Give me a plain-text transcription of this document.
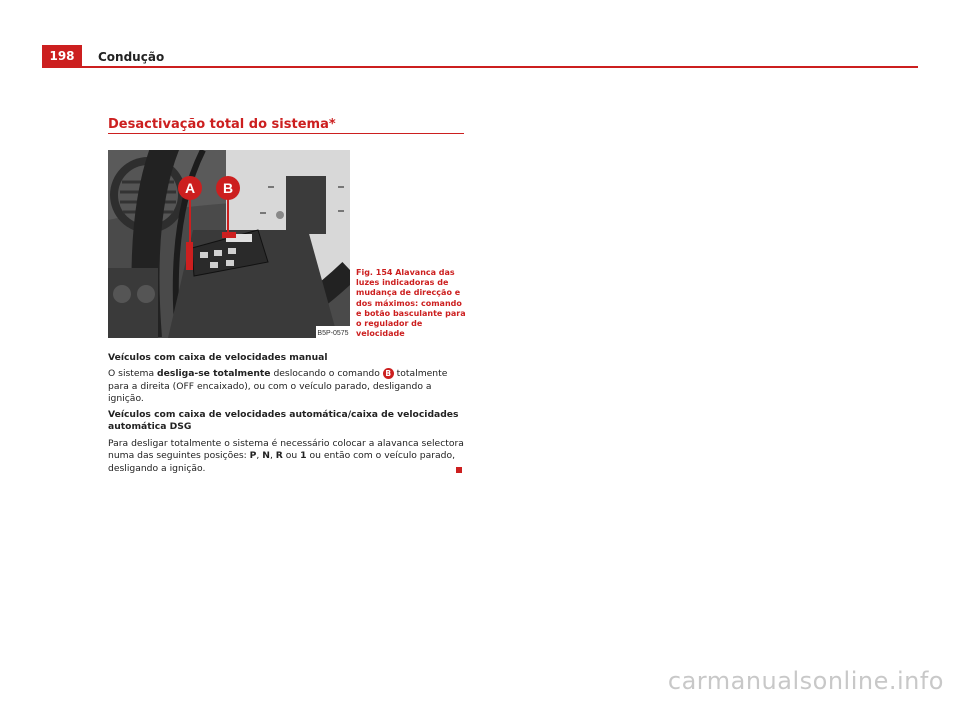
198	Condução
Desactivação total do sistema*
A B
B5P-0575
Fig. 154 Alavanca das luzes indicadoras de mudança de direcção e dos máximos: comando e botão basculante para o regulador de velocidade
Veículos com caixa de velocidades manual
O sistema desliga-se totalmente deslocando o comando B totalmente para a direita (OFF encaixado), ou com o veículo parado, desligando a ignição.
Veículos com caixa de velocidades automática/caixa de velocidades automática DSG
Para desligar totalmente o sistema é necessário colocar a alavanca selectora numa das seguintes posições: P, N, R ou 1 ou então com o veículo parado, desligando a ignição.
carmanualsonline.info
